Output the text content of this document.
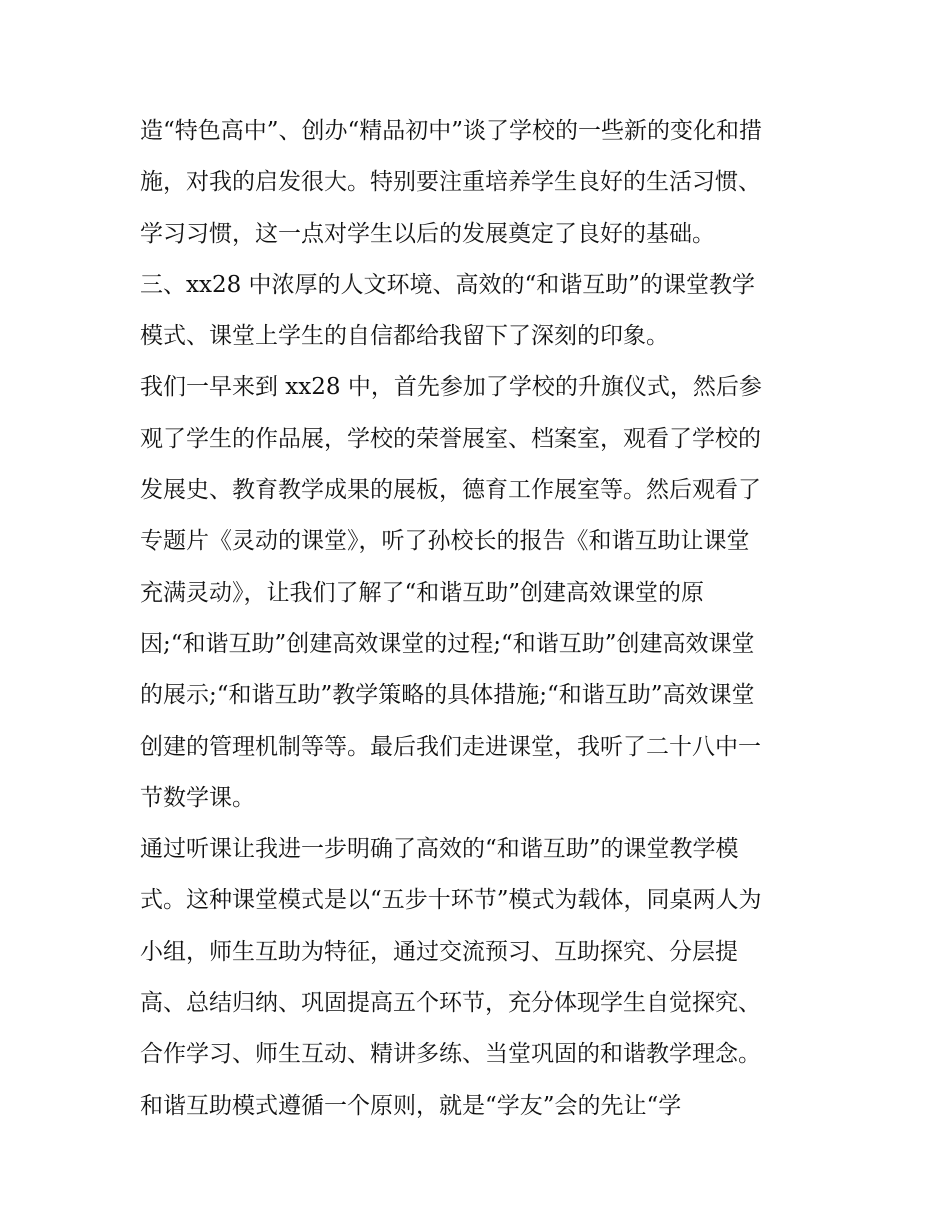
造“特色高中”、创办“精品初中”谈了学校的一些新的变化和措
施，对我的启发很大。特别要注重培养学生良好的生活习惯、
学习习惯，这一点对学生以后的发展奠定了良好的基础。
三、xx28 中浓厚的人文环境、高效的“和谐互助”的课堂教学
模式、课堂上学生的自信都给我留下了深刻的印象。
我们一早来到 xx28 中，首先参加了学校的升旗仪式，然后参
观了学生的作品展，学校的荣誉展室、档案室，观看了学校的
发展史、教育教学成果的展板，德育工作展室等。然后观看了
专题片《灵动的课堂》，听了孙校长的报告《和谐互助让课堂
充满灵动》，让我们了解了“和谐互助”创建高效课堂的原
因;“和谐互助”创建高效课堂的过程;“和谐互助”创建高效课堂
的展示;“和谐互助”教学策略的具体措施;“和谐互助”高效课堂
创建的管理机制等等。最后我们走进课堂，我听了二十八中一
节数学课。
通过听课让我进一步明确了高效的“和谐互助”的课堂教学模
式。这种课堂模式是以“五步十环节”模式为载体，同桌两人为
小组，师生互助为特征，通过交流预习、互助探究、分层提
高、总结归纳、巩固提高五个环节，充分体现学生自觉探究、
合作学习、师生互动、精讲多练、当堂巩固的和谐教学理念。
和谐互助模式遵循一个原则，就是“学友”会的先让“学
